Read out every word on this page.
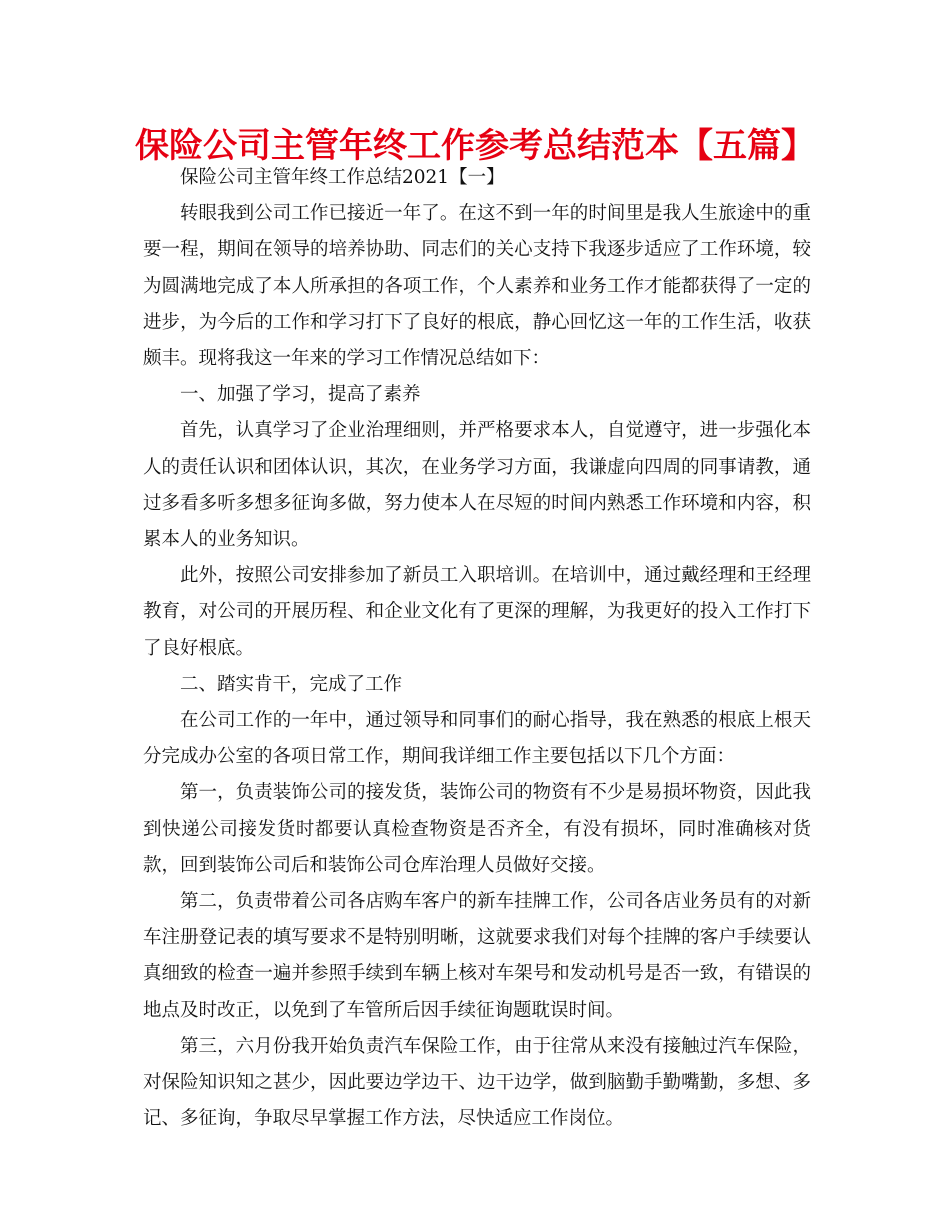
保险公司主管年终工作参考总结范本【五篇】

保险公司主管年终工作总结2021【一】

转眼我到公司工作已接近一年了。在这不到一年的时间里是我人生旅途中的重要一程，期间在领导的培养协助、同志们的关心支持下我逐步适应了工作环境，较为圆满地完成了本人所承担的各项工作，个人素养和业务工作才能都获得了一定的进步，为今后的工作和学习打下了良好的根底，静心回忆这一年的工作生活，收获颇丰。现将我这一年来的学习工作情况总结如下：

一、加强了学习，提高了素养

首先，认真学习了企业治理细则，并严格要求本人，自觉遵守，进一步强化本人的责任认识和团体认识，其次，在业务学习方面，我谦虚向四周的同事请教，通过多看多听多想多征询多做，努力使本人在尽短的时间内熟悉工作环境和内容，积累本人的业务知识。

此外，按照公司安排参加了新员工入职培训。在培训中，通过戴经理和王经理教育，对公司的开展历程、和企业文化有了更深的理解，为我更好的投入工作打下了良好根底。

二、踏实肯干，完成了工作

在公司工作的一年中，通过领导和同事们的耐心指导，我在熟悉的根底上根天分完成办公室的各项日常工作，期间我详细工作主要包括以下几个方面：

第一，负责装饰公司的接发货，装饰公司的物资有不少是易损坏物资，因此我到快递公司接发货时都要认真检查物资是否齐全，有没有损坏，同时准确核对货款，回到装饰公司后和装饰公司仓库治理人员做好交接。

第二，负责带着公司各店购车客户的新车挂牌工作，公司各店业务员有的对新车注册登记表的填写要求不是特别明晰，这就要求我们对每个挂牌的客户手续要认真细致的检查一遍并参照手续到车辆上核对车架号和发动机号是否一致，有错误的地点及时改正，以免到了车管所后因手续征询题耽误时间。

第三，六月份我开始负责汽车保险工作，由于往常从来没有接触过汽车保险，对保险知识知之甚少，因此要边学边干、边干边学，做到脑勤手勤嘴勤，多想、多记、多征询，争取尽早掌握工作方法，尽快适应工作岗位。
